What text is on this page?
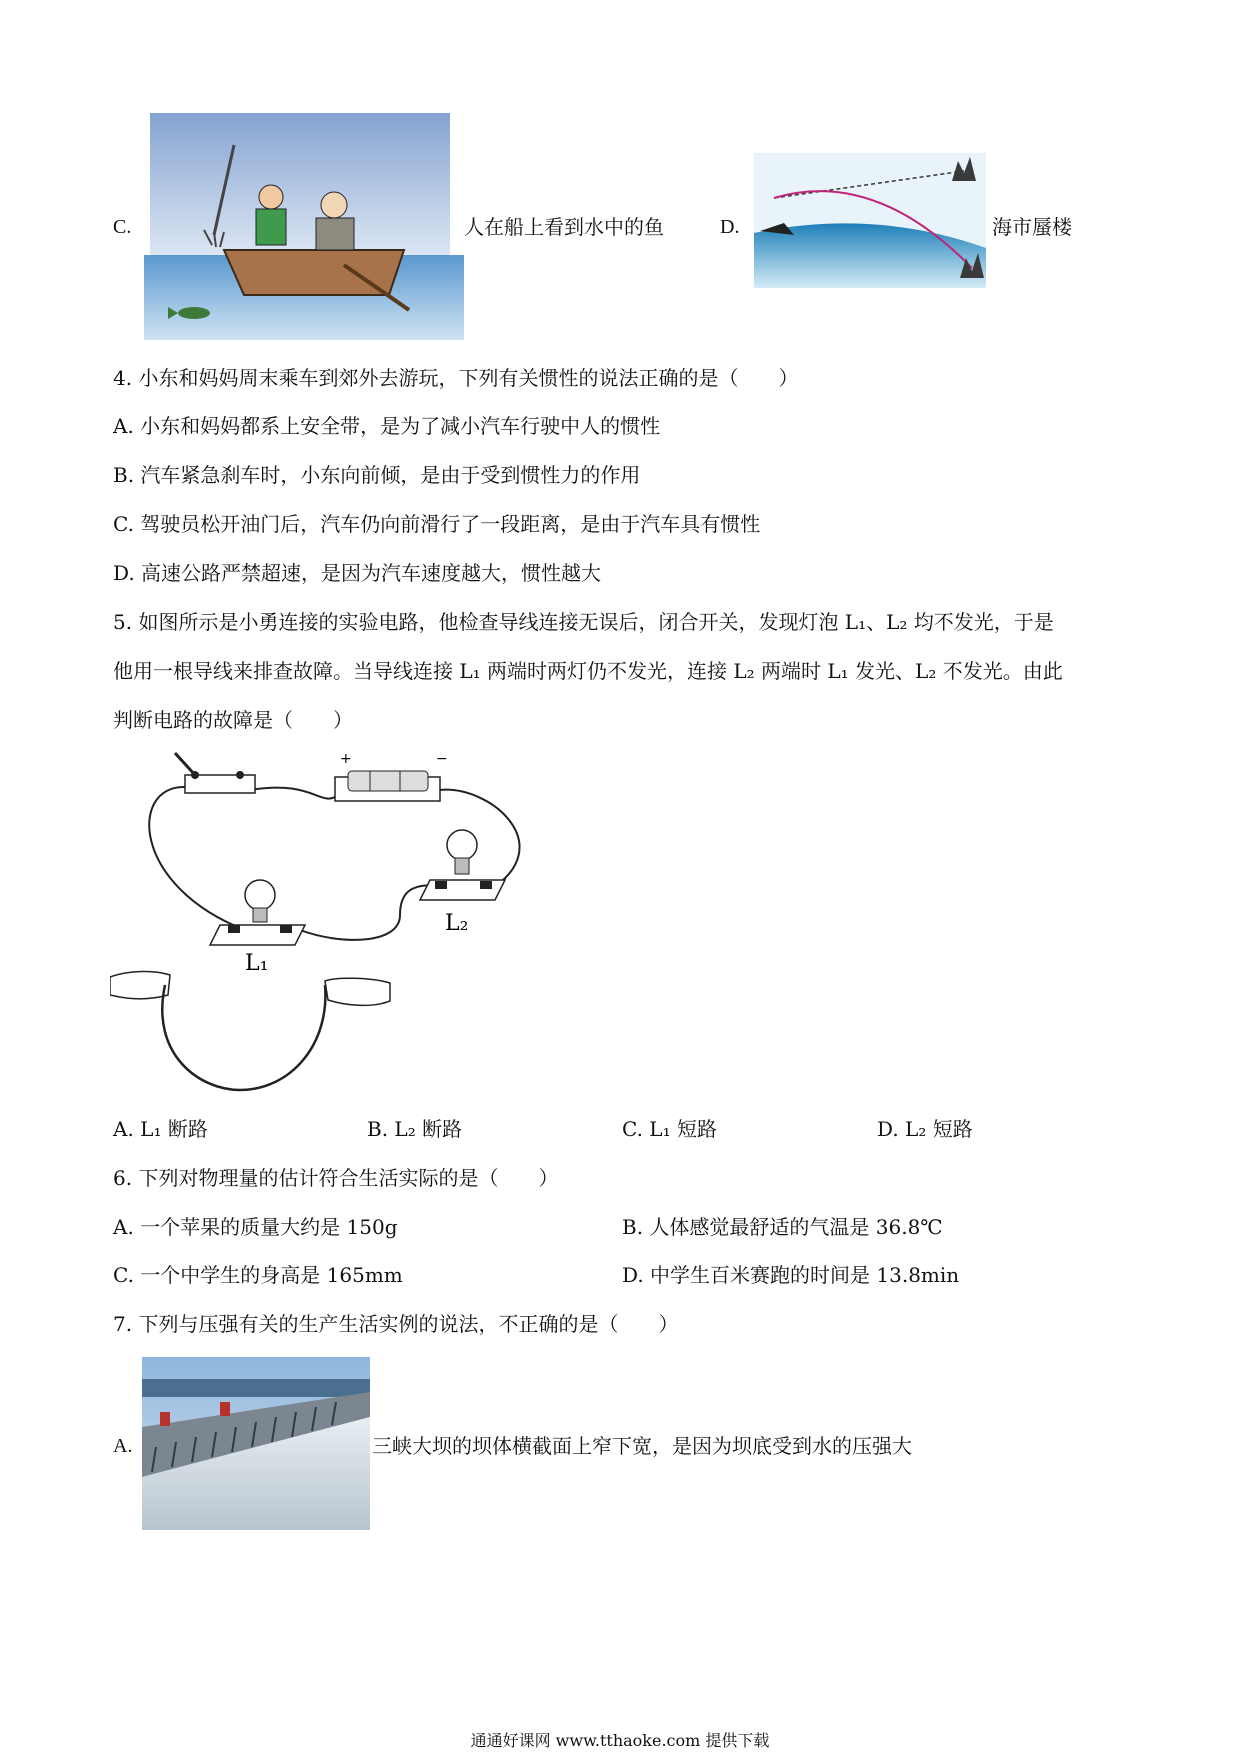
C.	人在船上看到水中的鱼	D.	海市蜃楼
4. 小东和妈妈周末乘车到郊外去游玩，下列有关惯性的说法正确的是（　　）
A. 小东和妈妈都系上安全带，是为了减小汽车行驶中人的惯性
B. 汽车紧急刹车时，小东向前倾，是由于受到惯性力的作用
C. 驾驶员松开油门后，汽车仍向前滑行了一段距离，是由于汽车具有惯性
D. 高速公路严禁超速，是因为汽车速度越大，惯性越大
5. 如图所示是小勇连接的实验电路，他检查导线连接无误后，闭合开关，发现灯泡 L₁、L₂ 均不发光，于是
他用一根导线来排查故障。当导线连接 L₁ 两端时两灯仍不发光，连接 L₂ 两端时 L₁ 发光、L₂ 不发光。由此
判断电路的故障是（　　）
+	−
L₂
L₁
A. L₁ 断路	B. L₂ 断路	C. L₁ 短路	D. L₂ 短路
6. 下列对物理量的估计符合生活实际的是（　　）
A. 一个苹果的质量大约是 150g	B. 人体感觉最舒适的气温是 36.8℃
C. 一个中学生的身高是 165mm	D. 中学生百米赛跑的时间是 13.8min
7. 下列与压强有关的生产生活实例的说法，不正确的是（　　）
A.	三峡大坝的坝体横截面上窄下宽，是因为坝底受到水的压强大
通通好课网 www.tthaoke.com 提供下载
